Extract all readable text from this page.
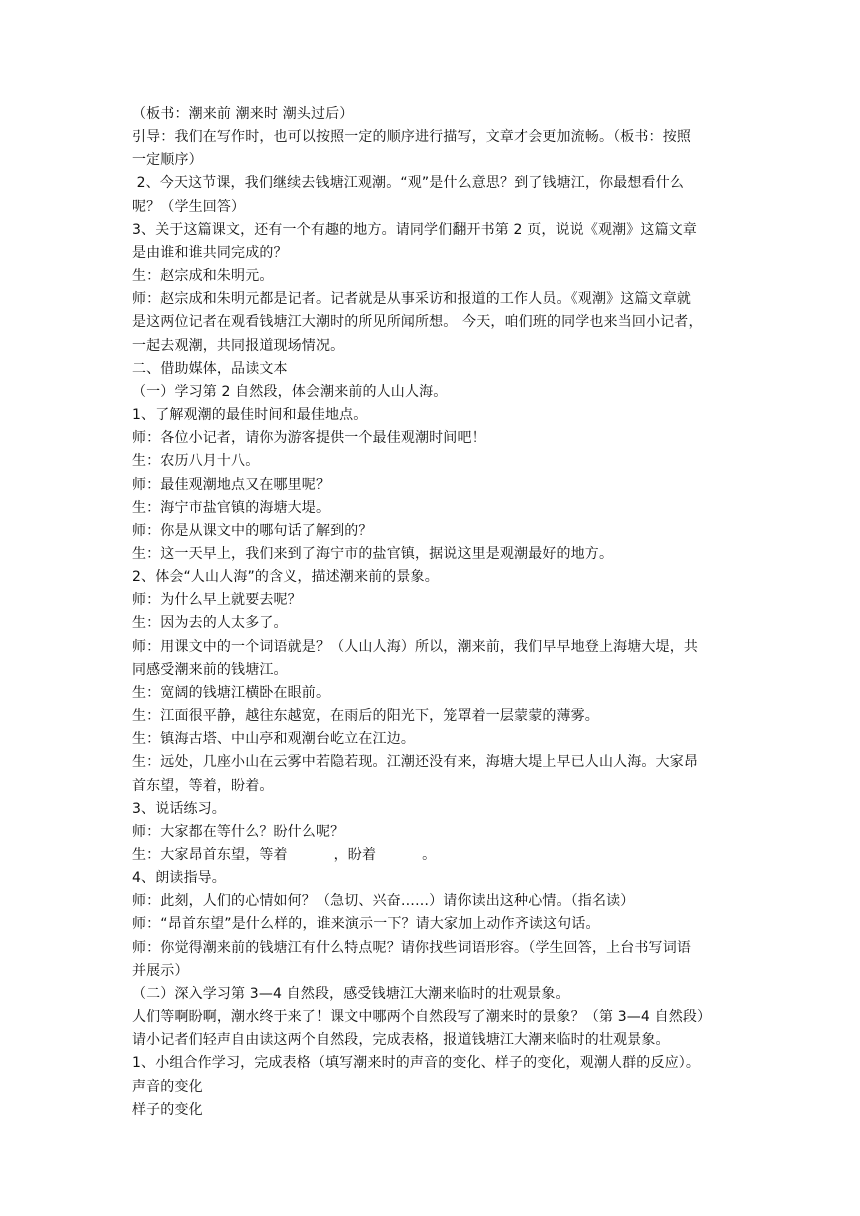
（板书：潮来前 潮来时 潮头过后）
引导：我们在写作时，也可以按照一定的顺序进行描写，文章才会更加流畅。（板书：按照
一定顺序）
2、今天这节课，我们继续去钱塘江观潮。“观”是什么意思？到了钱塘江，你最想看什么
呢？（学生回答）
3、关于这篇课文，还有一个有趣的地方。请同学们翻开书第 2 页，说说《观潮》这篇文章
是由谁和谁共同完成的？
生：赵宗成和朱明元。
师：赵宗成和朱明元都是记者。记者就是从事采访和报道的工作人员。《观潮》这篇文章就
是这两位记者在观看钱塘江大潮时的所见所闻所想。 今天，咱们班的同学也来当回小记者，
一起去观潮，共同报道现场情况。
二、借助媒体，品读文本
（一）学习第 2 自然段，体会潮来前的人山人海。
1、了解观潮的最佳时间和最佳地点。
师：各位小记者，请你为游客提供一个最佳观潮时间吧！
生：农历八月十八。
师：最佳观潮地点又在哪里呢？
生：海宁市盐官镇的海塘大堤。
师：你是从课文中的哪句话了解到的？
生：这一天早上，我们来到了海宁市的盐官镇，据说这里是观潮最好的地方。
2、体会“人山人海”的含义，描述潮来前的景象。
师：为什么早上就要去呢？
生：因为去的人太多了。
师：用课文中的一个词语就是？（人山人海）所以，潮来前，我们早早地登上海塘大堤，共
同感受潮来前的钱塘江。
生：宽阔的钱塘江横卧在眼前。
生：江面很平静，越往东越宽，在雨后的阳光下，笼罩着一层蒙蒙的薄雾。
生：镇海古塔、中山亭和观潮台屹立在江边。
生：远处，几座小山在云雾中若隐若现。江潮还没有来，海塘大堤上早已人山人海。大家昂
首东望，等着，盼着。
3、说话练习。
师：大家都在等什么？盼什么呢？
生：大家昂首东望，等着          ，盼着          。
4、朗读指导。
师：此刻，人们的心情如何？（急切、兴奋……）请你读出这种心情。（指名读）
师：“昂首东望”是什么样的，谁来演示一下？请大家加上动作齐读这句话。
师：你觉得潮来前的钱塘江有什么特点呢？请你找些词语形容。（学生回答，上台书写词语
并展示）
（二）深入学习第 3—4 自然段，感受钱塘江大潮来临时的壮观景象。
人们等啊盼啊，潮水终于来了！课文中哪两个自然段写了潮来时的景象？（第 3—4 自然段）
请小记者们轻声自由读这两个自然段，完成表格，报道钱塘江大潮来临时的壮观景象。
1、小组合作学习，完成表格（填写潮来时的声音的变化、样子的变化，观潮人群的反应）。
声音的变化
样子的变化
